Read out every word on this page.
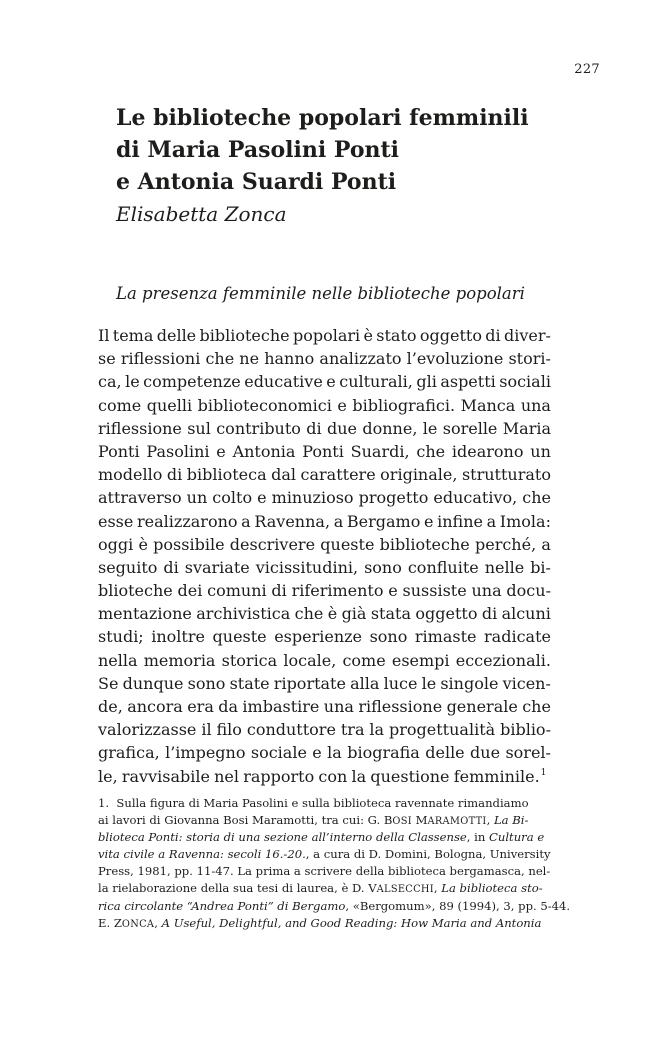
227
Le biblioteche popolari femminili
di Maria Pasolini Ponti
e Antonia Suardi Ponti
Elisabetta Zonca
La presenza femminile nelle biblioteche popolari
Il tema delle biblioteche popolari è stato oggetto di diver-
se riflessioni che ne hanno analizzato l’evoluzione stori-
ca, le competenze educative e culturali, gli aspetti sociali
come quelli biblioteconomici e bibliografici. Manca una
riflessione sul contributo di due donne, le sorelle Maria
Ponti Pasolini e Antonia Ponti Suardi, che idearono un
modello di biblioteca dal carattere originale, strutturato
attraverso un colto e minuzioso progetto educativo, che
esse realizzarono a Ravenna, a Bergamo e infine a Imola:
oggi è possibile descrivere queste biblioteche perché, a
seguito di svariate vicissitudini, sono confluite nelle bi-
blioteche dei comuni di riferimento e sussiste una docu-
mentazione archivistica che è già stata oggetto di alcuni
studi; inoltre queste esperienze sono rimaste radicate
nella memoria storica locale, come esempi eccezionali.
Se dunque sono state riportate alla luce le singole vicen-
de, ancora era da imbastire una riflessione generale che
valorizzasse il filo conduttore tra la progettualità biblio-
grafica, l’impegno sociale e la biografia delle due sorel-
le, ravvisabile nel rapporto con la questione femminile.$^1$
1.  Sulla figura di Maria Pasolini e sulla biblioteca ravennate rimandiamo
ai lavori di Giovanna Bosi Maramotti, tra cui: G. BOSI MARAMOTTI, La Bi-
blioteca Ponti: storia di una sezione all’interno della Classense, in Cultura e
vita civile a Ravenna: secoli 16.-20., a cura di D. Domini, Bologna, University
Press, 1981, pp. 11-47. La prima a scrivere della biblioteca bergamasca, nel-
la rielaborazione della sua tesi di laurea, è D. VALSECCHI, La biblioteca sto-
rica circolante “Andrea Ponti” di Bergamo, «Bergomum», 89 (1994), 3, pp. 5-44.
E. ZONCA, A Useful, Delightful, and Good Reading: How Maria and Antonia
